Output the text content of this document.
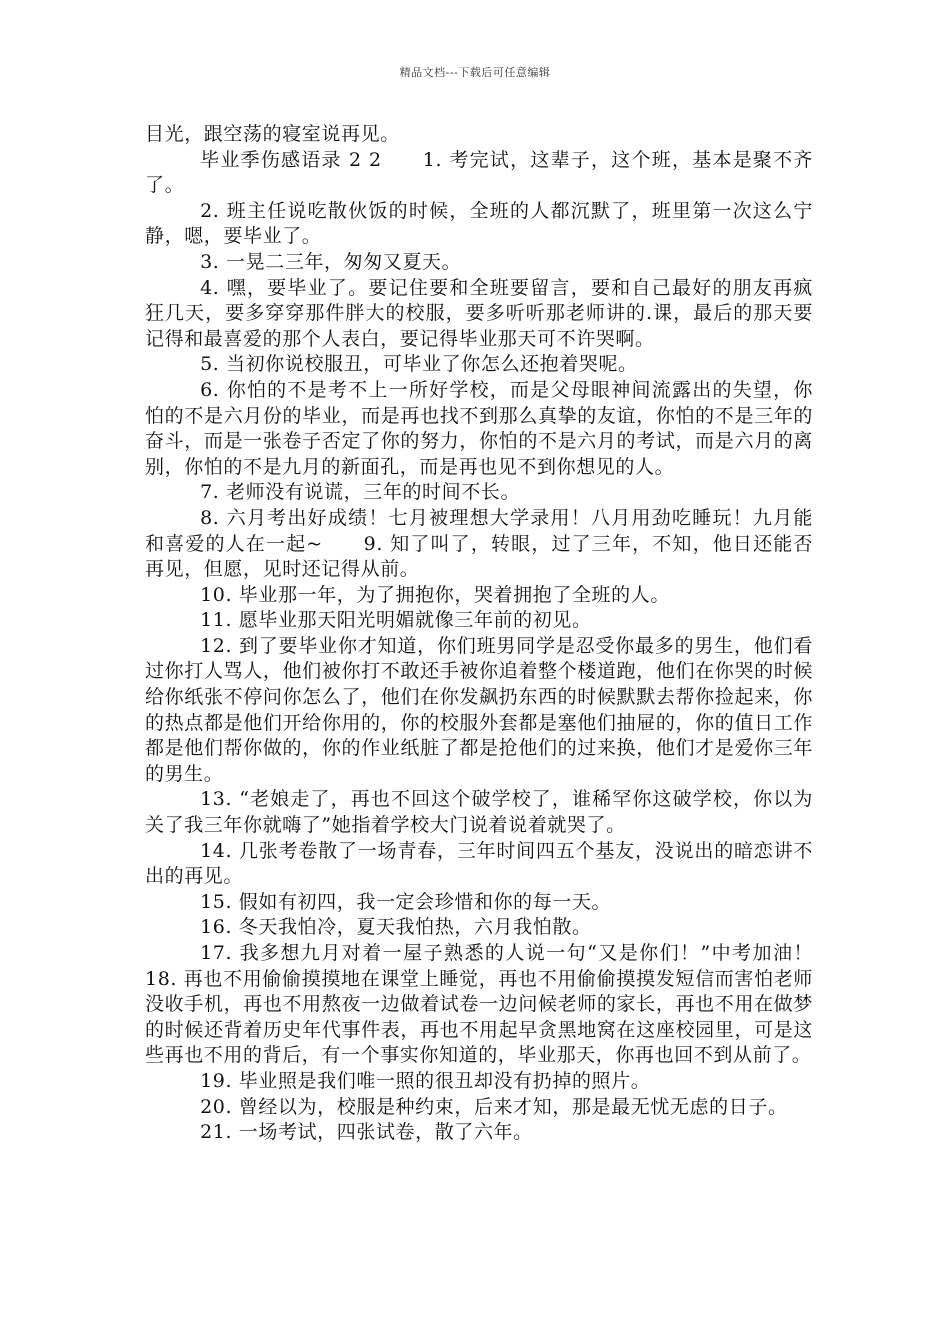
精品文档---下载后可任意编辑

目光，跟空荡的寝室说再见。

毕业季伤感语录 2 2　　1. 考完试，这辈子，这个班，基本是聚不齐了。

2. 班主任说吃散伙饭的时候，全班的人都沉默了，班里第一次这么宁静，嗯，要毕业了。

3. 一晃二三年，匆匆又夏天。

4. 嘿，要毕业了。要记住要和全班要留言，要和自己最好的朋友再疯狂几天，要多穿穿那件胖大的校服，要多听听那老师讲的.课，最后的那天要记得和最喜爱的那个人表白，要记得毕业那天可不许哭啊。

5. 当初你说校服丑，可毕业了你怎么还抱着哭呢。

6. 你怕的不是考不上一所好学校，而是父母眼神间流露出的失望，你怕的不是六月份的毕业，而是再也找不到那么真挚的友谊，你怕的不是三年的奋斗，而是一张卷子否定了你的努力，你怕的不是六月的考试，而是六月的离别，你怕的不是九月的新面孔，而是再也见不到你想见的人。

7. 老师没有说谎，三年的时间不长。

8. 六月考出好成绩！七月被理想大学录用！八月用劲吃睡玩！九月能和喜爱的人在一起~　　9. 知了叫了，转眼，过了三年，不知，他日还能否再见，但愿，见时还记得从前。

10. 毕业那一年，为了拥抱你，哭着拥抱了全班的人。

11. 愿毕业那天阳光明媚就像三年前的初见。

12. 到了要毕业你才知道，你们班男同学是忍受你最多的男生，他们看过你打人骂人，他们被你打不敢还手被你追着整个楼道跑，他们在你哭的时候给你纸张不停问你怎么了，他们在你发飙扔东西的时候默默去帮你捡起来，你的热点都是他们开给你用的，你的校服外套都是塞他们抽屉的，你的值日工作都是他们帮你做的，你的作业纸脏了都是抢他们的过来换，他们才是爱你三年的男生。

13. “老娘走了，再也不回这个破学校了，谁稀罕你这破学校，你以为关了我三年你就嗨了”她指着学校大门说着说着就哭了。

14. 几张考卷散了一场青春，三年时间四五个基友，没说出的暗恋讲不出的再见。

15. 假如有初四，我一定会珍惜和你的每一天。

16. 冬天我怕冷，夏天我怕热，六月我怕散。

17. 我多想九月对着一屋子熟悉的人说一句“又是你们！”中考加油！　　18. 再也不用偷偷摸摸地在课堂上睡觉，再也不用偷偷摸摸发短信而害怕老师没收手机，再也不用熬夜一边做着试卷一边问候老师的家长，再也不用在做梦的时候还背着历史年代事件表，再也不用起早贪黑地窝在这座校园里，可是这些再也不用的背后，有一个事实你知道的，毕业那天，你再也回不到从前了。

19. 毕业照是我们唯一照的很丑却没有扔掉的照片。

20. 曾经以为，校服是种约束，后来才知，那是最无忧无虑的日子。

21. 一场考试，四张试卷，散了六年。
